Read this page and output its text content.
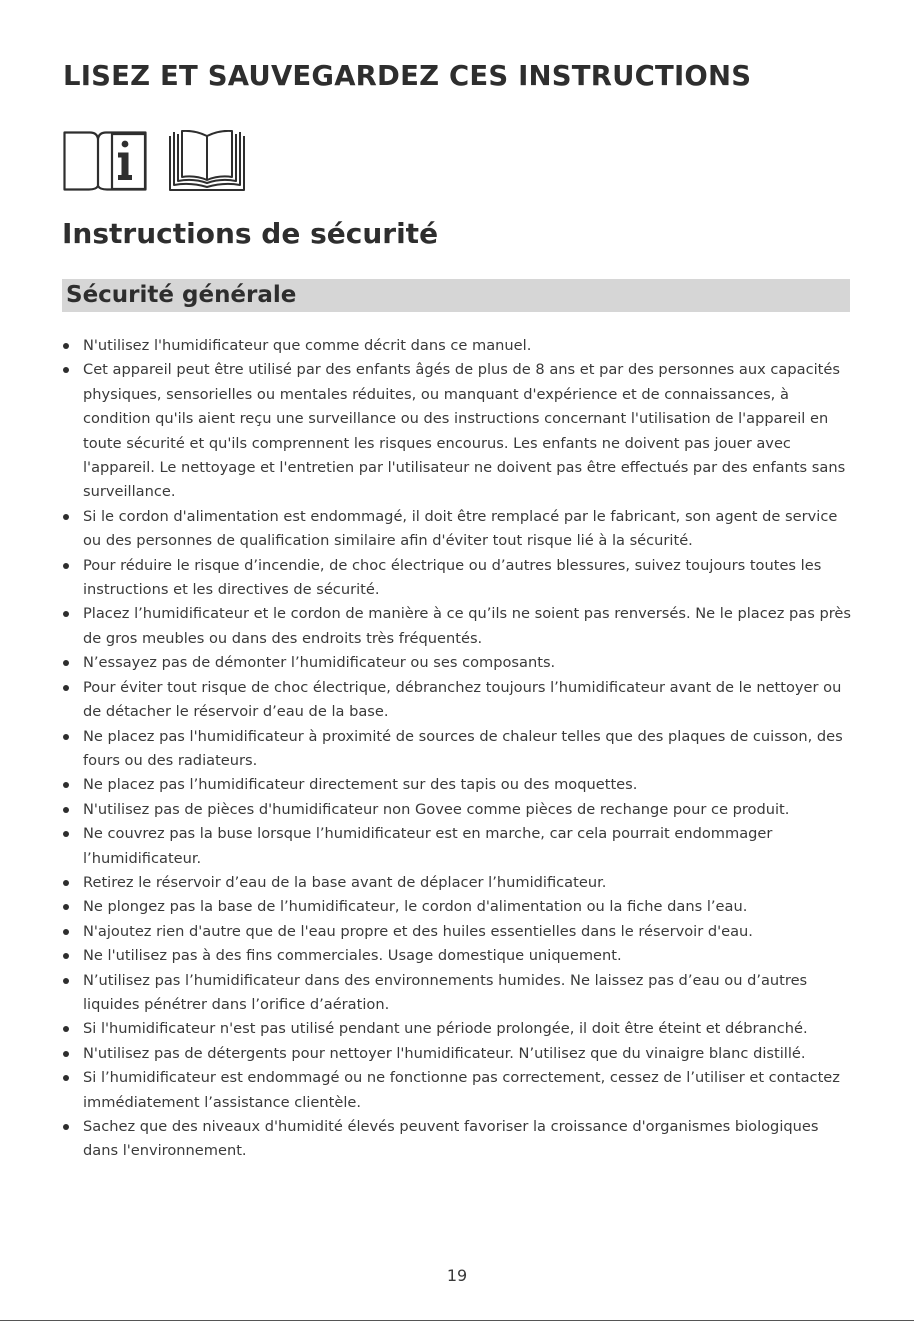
LISEZ ET SAUVEGARDEZ CES INSTRUCTIONS
Instructions de sécurité
Sécurité générale
N'utilisez l'humidificateur que comme décrit dans ce manuel.
Cet appareil peut être utilisé par des enfants âgés de plus de 8 ans et par des personnes aux capacités physiques, sensorielles ou mentales réduites, ou manquant d'expérience et de connaissances, à condition qu'ils aient reçu une surveillance ou des instructions concernant l'utilisation de l'appareil en toute sécurité et qu'ils comprennent les risques encourus. Les enfants ne doivent pas jouer avec l'appareil. Le nettoyage et l'entretien par l'utilisateur ne doivent pas être effectués par des enfants sans surveillance.
Si le cordon d'alimentation est endommagé, il doit être remplacé par le fabricant, son agent de service ou des personnes de qualification similaire afin d'éviter tout risque lié à la sécurité.
Pour réduire le risque d’incendie, de choc électrique ou d’autres blessures, suivez toujours toutes les instructions et les directives de sécurité.
Placez l’humidificateur et le cordon de manière à ce qu’ils ne soient pas renversés. Ne le placez pas près de gros meubles ou dans des endroits très fréquentés.
N’essayez pas de démonter l’humidificateur ou ses composants.
Pour éviter tout risque de choc électrique, débranchez toujours l’humidificateur avant de le nettoyer ou de détacher le réservoir d’eau de la base.
Ne placez pas l'humidificateur à proximité de sources de chaleur telles que des plaques de cuisson, des fours ou des radiateurs.
Ne placez pas l’humidificateur directement sur des tapis ou des moquettes.
N'utilisez pas de pièces d'humidificateur non Govee comme pièces de rechange pour ce produit.
Ne couvrez pas la buse lorsque l’humidificateur est en marche, car cela pourrait endommager l’humidificateur.
Retirez le réservoir d’eau de la base avant de déplacer l’humidificateur.
Ne plongez pas la base de l’humidificateur, le cordon d'alimentation ou la fiche dans l’eau.
N'ajoutez rien d'autre que de l'eau propre et des huiles essentielles dans le réservoir d'eau.
Ne l'utilisez pas à des fins commerciales. Usage domestique uniquement.
N’utilisez pas l’humidificateur dans des environnements humides. Ne laissez pas d’eau ou d’autres liquides pénétrer dans l’orifice d’aération.
Si l'humidificateur n'est pas utilisé pendant une période prolongée, il doit être éteint et débranché.
N'utilisez pas de détergents pour nettoyer l'humidificateur. N’utilisez que du vinaigre blanc distillé.
Si l’humidificateur est endommagé ou ne fonctionne pas correctement, cessez de l’utiliser et contactez immédiatement l’assistance clientèle.
Sachez que des niveaux d'humidité élevés peuvent favoriser la croissance d'organismes biologiques dans l'environnement.
19
